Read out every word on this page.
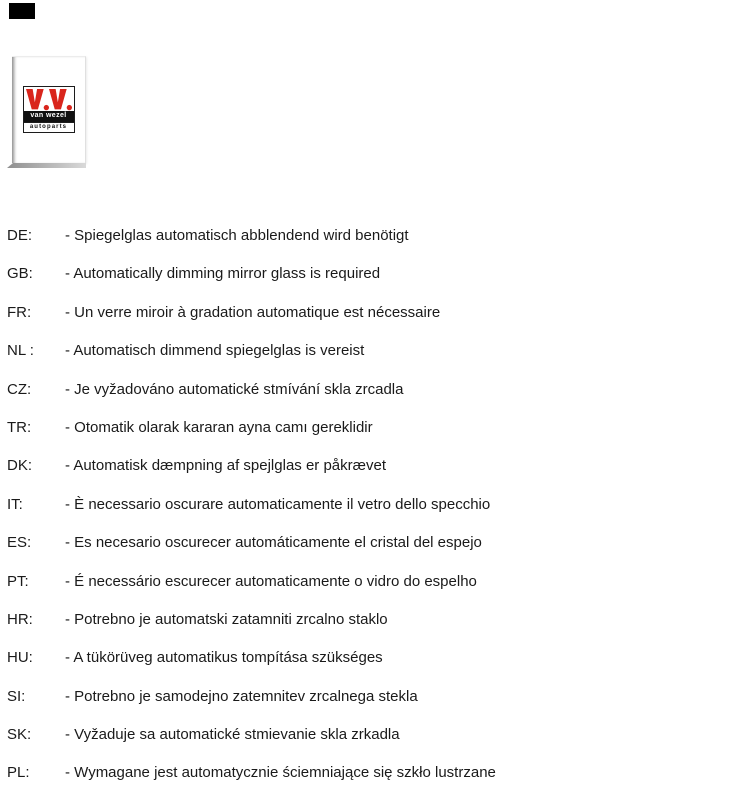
van wezel
autoparts
DE:	- Spiegelglas automatisch abblendend wird benötigt
GB:	- Automatically dimming mirror glass is required
FR:	- Un verre miroir à gradation automatique est nécessaire
NL :	- Automatisch dimmend spiegelglas is vereist
CZ:	- Je vyžadováno automatické stmívání skla zrcadla
TR:	- Otomatik olarak kararan ayna camı gereklidir
DK:	- Automatisk dæmpning af spejlglas er påkrævet
IT:	- È necessario oscurare automaticamente il vetro dello specchio
ES:	- Es necesario oscurecer automáticamente el cristal del espejo
PT:	- É necessário escurecer automaticamente o vidro do espelho
HR:	- Potrebno je automatski zatamniti zrcalno staklo
HU:	- A tükörüveg automatikus tompítása szükséges
SI:	- Potrebno je samodejno zatemnitev zrcalnega stekla
SK:	- Vyžaduje sa automatické stmievanie skla zrkadla
PL:	- Wymagane jest automatycznie ściemniające się szkło lustrzane
